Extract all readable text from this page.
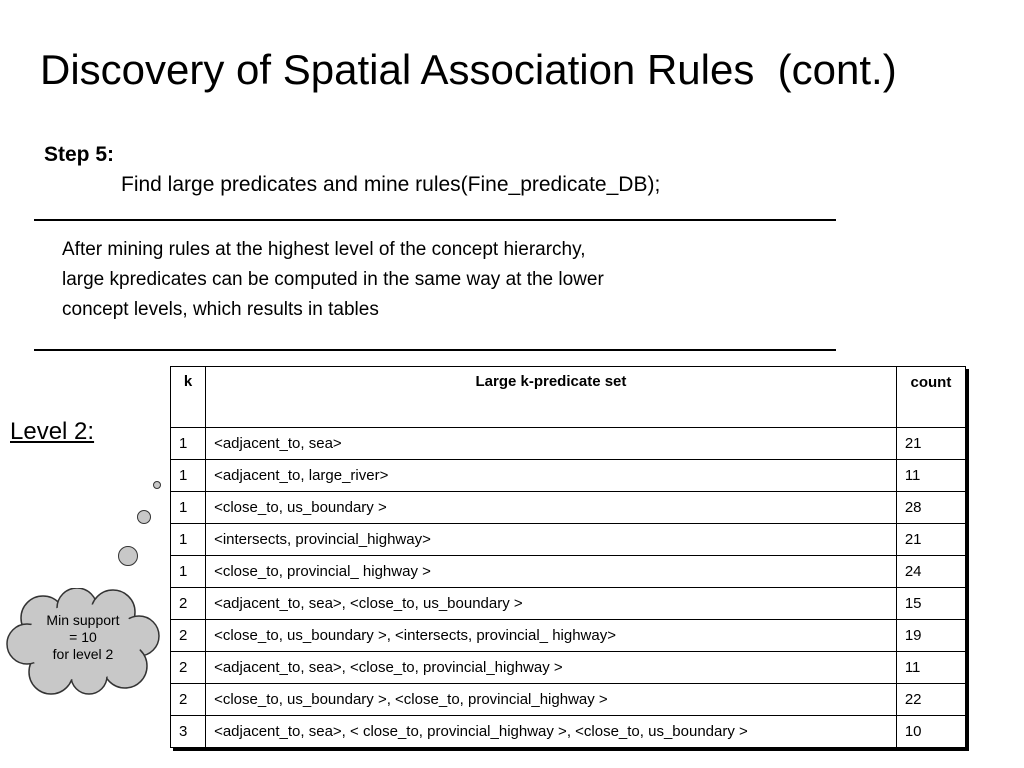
Discovery of Spatial Association Rules  (cont.)
Step 5:
Find large predicates and mine rules(Fine_predicate_DB);
After mining rules at the highest level of the concept hierarchy,
large kpredicates can be computed in the same way at the lower
concept levels, which results in tables
Level 2:
Min support
= 10
for level 2
k	Large k-predicate set	count
1	<adjacent_to, sea>	21
1	<adjacent_to, large_river>	11
1	<close_to, us_boundary >	28
1	<intersects, provincial_highway>	21
1	<close_to, provincial_ highway >	24
2	<adjacent_to, sea>, <close_to, us_boundary >	15
2	<close_to, us_boundary >, <intersects, provincial_ highway>	19
2	<adjacent_to, sea>, <close_to, provincial_highway >	11
2	<close_to, us_boundary >, <close_to, provincial_highway >	22
3	<adjacent_to, sea>, < close_to, provincial_highway >, <close_to, us_boundary >	10
